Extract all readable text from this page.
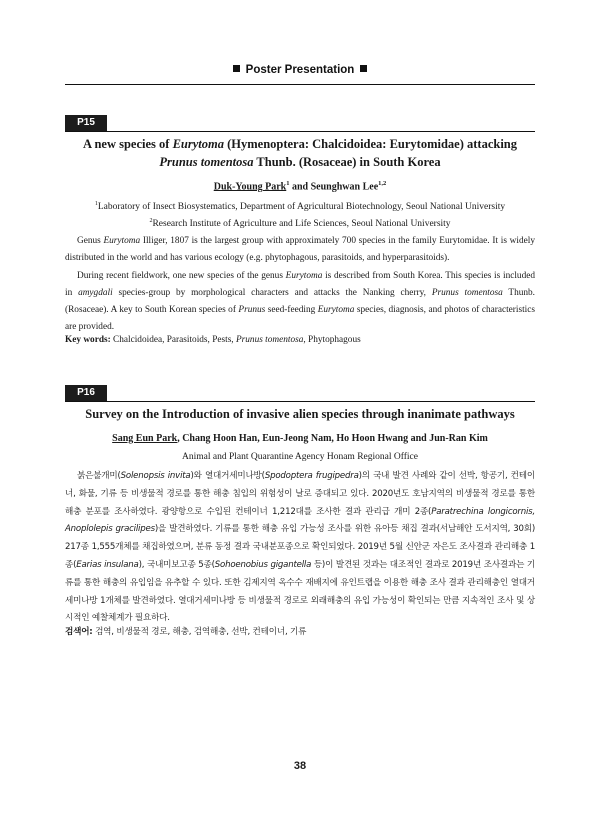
Poster Presentation
P15
A new species of Eurytoma (Hymenoptera: Chalcidoidea: Eurytomidae) attacking
Prunus tomentosa Thunb. (Rosaceae) in South Korea
Duk-Young Park$^1$ and Seunghwan Lee$^{1,2}$
$^1$Laboratory of Insect Biosystematics, Department of Agricultural Biotechnology, Seoul National University
$^2$Research Institute of Agriculture and Life Sciences, Seoul National University

Genus Eurytoma Illiger, 1807 is the largest group with approximately 700 species in the family Eurytomidae. It is widely distributed in the world and has various ecology (e.g. phytophagous, parasitoids, and hyperparasitoids).

During recent fieldwork, one new species of the genus Eurytoma is described from South Korea. This species is included in amygdali species-group by morphological characters and attacks the Nanking cherry, Prunus tomentosa Thunb. (Rosaceae). A key to South Korean species of Prunus seed-feeding Eurytoma species, diagnosis, and photos of characteristics are provided.

Key words: Chalcidoidea, Parasitoids, Pests, Prunus tomentosa, Phytophagous
P16
Survey on the Introduction of invasive alien species through inanimate pathways
Sang Eun Park, Chang Hoon Han, Eun-Jeong Nam, Ho Hoon Hwang and Jun-Ran Kim
Animal and Plant Quarantine Agency Honam Regional Office

붉은불개미(Solenopsis invita)와 열대거세미나방(Spodoptera frugipedra)의 국내 발견 사례와 같이 선박, 항공기, 컨테이너, 화물, 기류 등 비생물적 경로를 통한 해충 침입의 위험성이 날로 증대되고 있다. 2020년도 호남지역의 비생물적 경로를 통한 해충 분포를 조사하였다. 광양항으로 수입된 컨테이너 1,212대를 조사한 결과 관리급 개미 2종(Paratrechina longicornis, Anoplolepis gracilipes)을 발견하였다. 기류를 통한 해충 유입 가능성 조사를 위한 유아등 채집 결과(서남해안 도서지역, 30회) 217종 1,555개체를 채집하였으며, 분류 동정 결과 국내분포종으로 확인되었다. 2019년 5월 신안군 자은도 조사결과 관리해충 1종(Earias insulana), 국내미보고종 5종(Sohoenobius gigantella 등)이 발견된 것과는 대조적인 결과로 2019년 조사결과는 기류를 통한 해충의 유입임을 유추할 수 있다. 또한 김제지역 옥수수 재배지에 유인트랩을 이용한 해충 조사 결과 관리해충인 열대거세미나방 1개체를 발견하였다. 열대거세미나방 등 비생물적 경로로 외래해충의 유입 가능성이 확인되는 만큼 지속적인 조사 및 상시적인 예찰체계가 필요하다.

검색어: 검역, 비생물적 경로, 해충, 검역해충, 선박, 컨테이너, 기류
38
